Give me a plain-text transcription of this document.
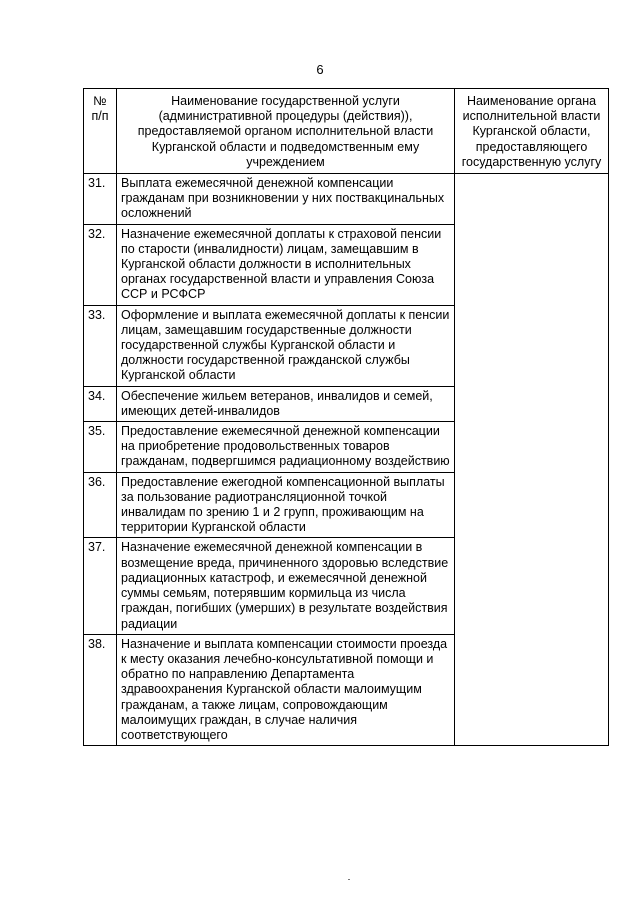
6
№ п/п	Наименование государственной услуги (административной процедуры (действия)), предоставляемой органом исполнительной власти Курганской области и подведомственным ему учреждением	Наименование органа исполнительной власти Курганской области, предоставляющего государственную услугу
31.	Выплата ежемесячной денежной компенсации гражданам при возникновении у них поствакцинальных осложнений	
32.	Назначение ежемесячной доплаты к страховой пенсии по старости (инвалидности) лицам, замещавшим в Курганской области должности в исполнительных органах государственной власти и управления Союза ССР и РСФСР	
33.	Оформление и выплата ежемесячной доплаты к пенсии лицам, замещавшим государственные должности государственной службы Курганской области и должности государственной гражданской службы Курганской области	
34.	Обеспечение жильем ветеранов, инвалидов и семей, имеющих детей-инвалидов	
35.	Предоставление ежемесячной денежной компенсации на приобретение продовольственных товаров гражданам, подвергшимся радиационному воздействию	
36.	Предоставление ежегодной компенсационной выплаты за пользование радиотрансляционной точкой инвалидам по зрению 1 и 2 групп, проживающим на территории Курганской области	
37.	Назначение ежемесячной денежной компенсации в возмещение вреда, причиненного здоровью вследствие радиационных катастроф, и ежемесячной денежной суммы семьям, потерявшим кормильца из числа граждан, погибших (умерших) в результате воздействия радиации	
38.	Назначение и выплата компенсации стоимости проезда к месту оказания лечебно-консультативной помощи и обратно по направлению Департамента здравоохранения Курганской области малоимущим гражданам, а также лицам, сопровождающим малоимущих граждан, в случае наличия соответствующего	
